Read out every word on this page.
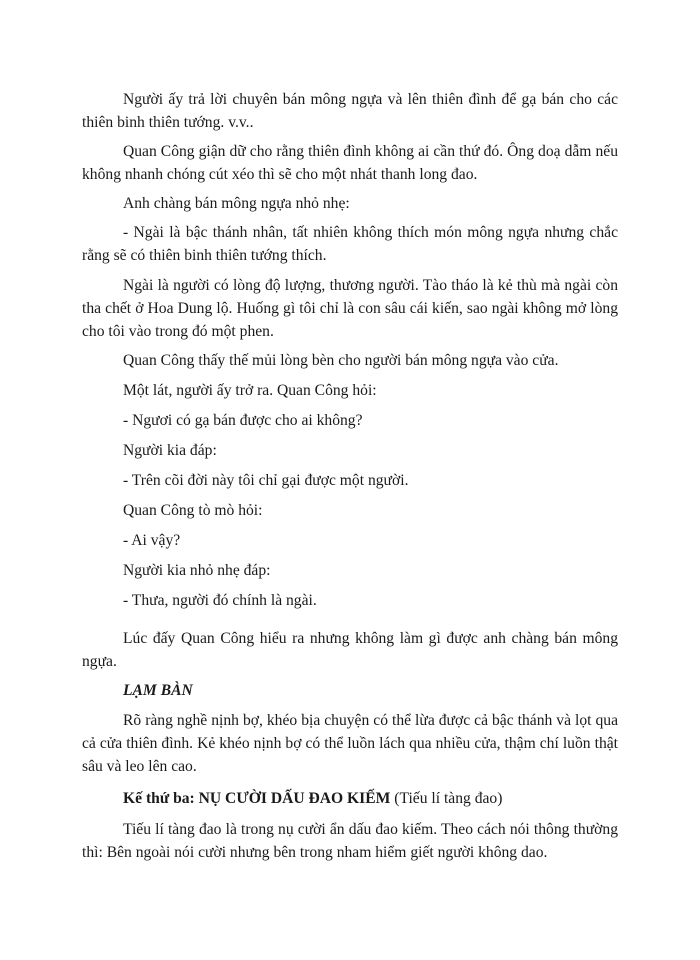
Người ấy trả lời chuyên bán mông ngựa và lên thiên đình để gạ bán cho các thiên binh thiên tướng. v.v..

Quan Công giận dữ cho rằng thiên đình không ai cần thứ đó. Ông doạ dẫm nếu không nhanh chóng cút xéo thì sẽ cho một nhát thanh long đao.

Anh chàng bán mông ngựa nhỏ nhẹ:

- Ngài là bậc thánh nhân, tất nhiên không thích món mông ngựa nhưng chắc rằng sẽ có thiên binh thiên tướng thích.

Ngài là người có lòng độ lượng, thương người. Tào tháo là kẻ thù mà ngài còn tha chết ở Hoa Dung lộ. Huống gì tôi chỉ là con sâu cái kiến, sao ngài không mở lòng cho tôi vào trong đó một phen.

Quan Công thấy thế mủi lòng bèn cho người bán mông ngựa vào cửa.

Một lát, người ấy trở ra. Quan Công hỏi:

- Ngươi có gạ bán được cho ai không?

Người kia đáp:

- Trên cõi đời này tôi chỉ gại được một người.

Quan Công tò mò hỏi:

- Ai vậy?

Người kia nhỏ nhẹ đáp:

- Thưa, người đó chính là ngài.

Lúc đấy Quan Công hiểu ra nhưng không làm gì được anh chàng bán mông ngựa.

LẠM BÀN

Rõ ràng nghề nịnh bợ, khéo bịa chuyện có thể lừa được cả bậc thánh và lọt qua cả cửa thiên đình. Kẻ khéo nịnh bợ có thể luồn lách qua nhiều cửa, thậm chí luồn thật sâu và leo lên cao.

Kế thứ ba: NỤ CƯỜI DẤU ĐAO KIẾM (Tiếu lí tàng đao)

Tiếu lí tàng đao là trong nụ cười ẩn dấu đao kiếm. Theo cách nói thông thường thì: Bên ngoài nói cười nhưng bên trong nham hiểm giết người không dao.
